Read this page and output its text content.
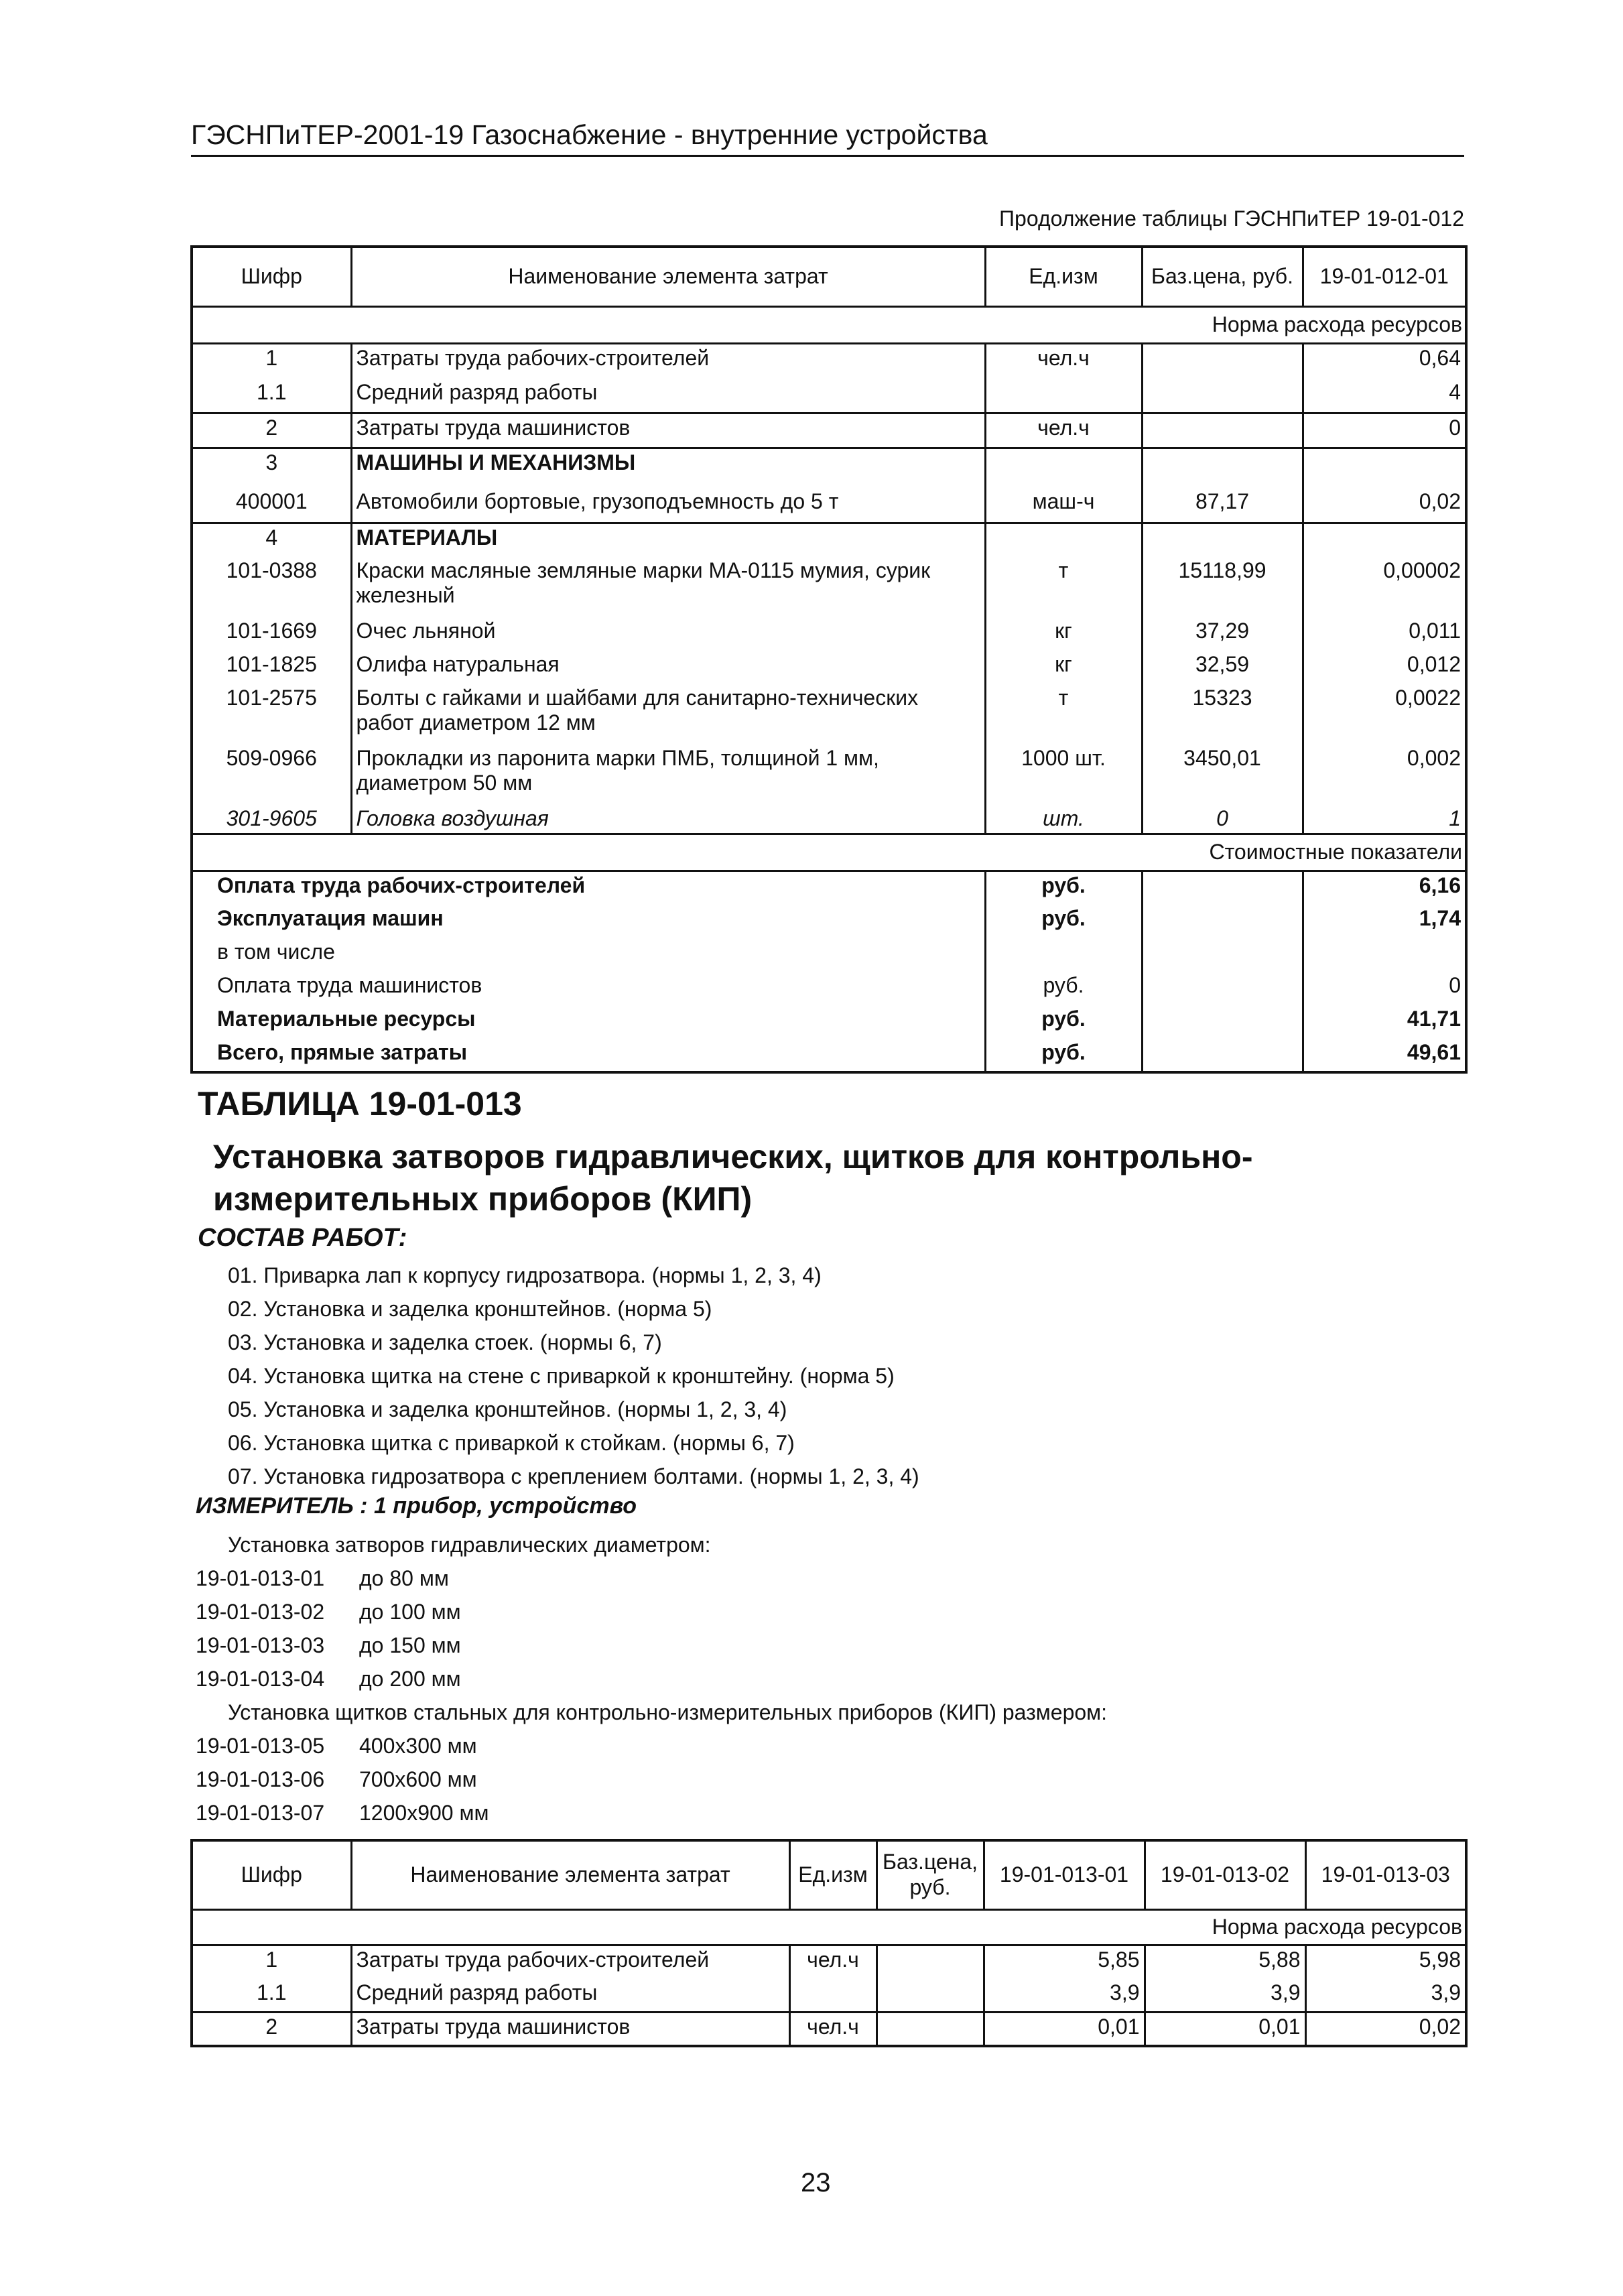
ГЭСНПиТЕР-2001-19 Газоснабжение - внутренние устройства
Продолжение таблицы ГЭСНПиТЕР 19-01-012
Шифр	Наименование элемента затрат	Ед.изм	Баз.цена, руб.	19-01-012-01
Норма расхода ресурсов				
1	Затраты труда рабочих-строителей	чел.ч		0,64
1.1	Средний разряд работы			4
2	Затраты труда машинистов	чел.ч		0
3	МАШИНЫ И МЕХАНИЗМЫ			
400001	Автомобили бортовые, грузоподъемность до 5 т	маш-ч	87,17	0,02
4	МАТЕРИАЛЫ			
101-0388	Краски масляные земляные марки МА-0115 мумия, сурик железный	т	15118,99	0,00002
101-1669	Очес льняной	кг	37,29	0,011
101-1825	Олифа натуральная	кг	32,59	0,012
101-2575	Болты с гайками и шайбами для санитарно-технических работ диаметром 12 мм	т	15323	0,0022
509-0966	Прокладки из паронита марки ПМБ, толщиной 1 мм, диаметром 50 мм	1000 шт.	3450,01	0,002
301-9605	Головка воздушная	шт.	0	1
Стоимостные показатели				
Оплата труда рабочих-строителей		руб.		6,16
Эксплуатация машин		руб.		1,74
в том числе				
Оплата труда машинистов		руб.		0
Материальные ресурсы		руб.		41,71
Всего, прямые затраты		руб.		49,61
ТАБЛИЦА 19-01-013
Установка затворов гидравлических, щитков для контрольно-измерительных приборов (КИП)
СОСТАВ РАБОТ:
01. Приварка лап к корпусу гидрозатвора. (нормы 1, 2, 3, 4)
02. Установка и заделка кронштейнов. (норма 5)
03. Установка и заделка стоек. (нормы 6, 7)
04. Установка щитка на стене с приваркой к кронштейну. (норма 5)
05. Установка и заделка кронштейнов. (нормы 1, 2, 3, 4)
06. Установка щитка с приваркой к стойкам. (нормы 6, 7)
07. Установка гидрозатвора с креплением болтами. (нормы 1, 2, 3, 4)
ИЗМЕРИТЕЛЬ : 1 прибор, устройство
Установка затворов гидравлических диаметром:
19-01-013-01	до 80 мм
19-01-013-02	до 100 мм
19-01-013-03	до 150 мм
19-01-013-04	до 200 мм
Установка щитков стальных для контрольно-измерительных приборов (КИП) размером:
19-01-013-05	400x300 мм
19-01-013-06	700x600 мм
19-01-013-07	1200x900 мм
Шифр	Наименование элемента затрат	Ед.изм	Баз.цена, руб.	19-01-013-01	19-01-013-02	19-01-013-03
Норма расхода ресурсов						
1	Затраты труда рабочих-строителей	чел.ч		5,85	5,88	5,98
1.1	Средний разряд работы			3,9	3,9	3,9
2	Затраты труда машинистов	чел.ч		0,01	0,01	0,02
23
